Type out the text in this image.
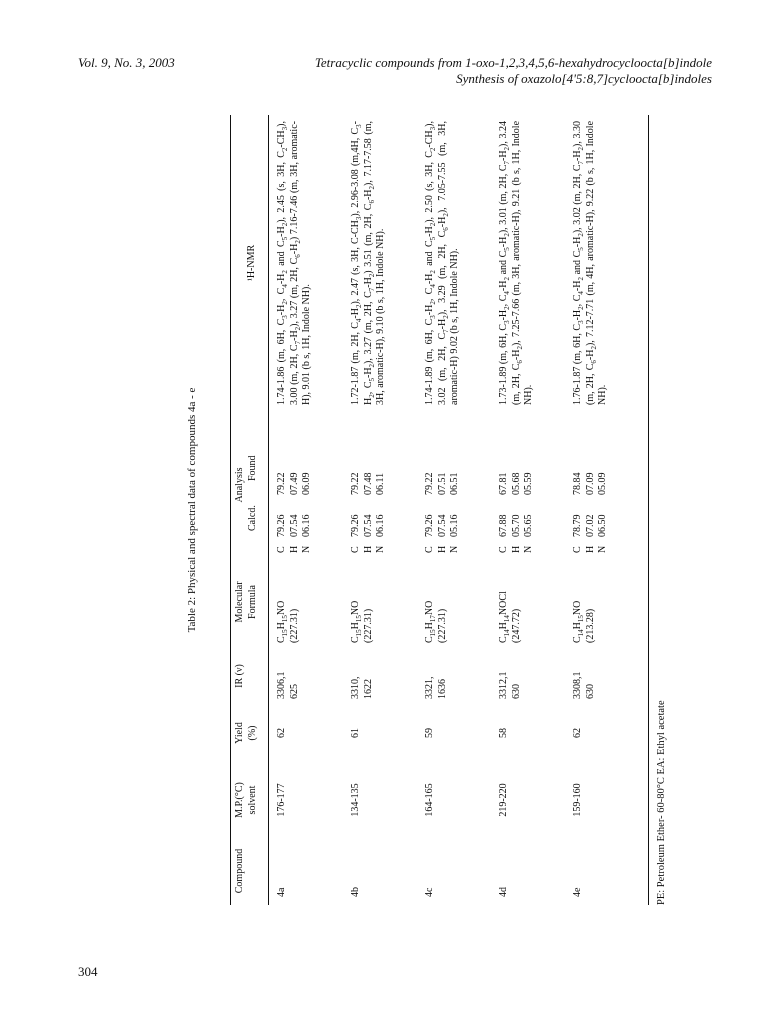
Vol. 9, No. 3, 2003	Tetracyclic compounds from 1-oxo-1,2,3,4,5,6-hexahydrocycloocta[b]indole
Synthesis of oxazolo[4'5:8,7]cycloocta[b]indoles
Table 2: Physical and spectral data of compounds 4a - e
Compound
M.P.(°C) solvent
Yield (%)
IR (ν)
Molecular Formula
Analysis
Calcd.
Found
¹H-NMR
4a
176-177
62
3306,1 625
$C_{15}H_{15}NO$
(227.31)
C
79.26
79.22
H
07.54
07.49
N
06.16
06.09
1.74-1.86 (m, 6H, $C_3-H_2$, $C_4-H_2$ and $C_5-H_2$), 2.45 (s, 3H, $C_2-CH_3$), 3.00 (m, 2H, $C_7-H_2$), 3.27 (m, 2H, $C_6-H_2$) 7.16-7.46 (m, 3H, aromatic-H), 9.01 (b s, 1H, Indole NH).
4b
134-135
61
3310, 1622
$C_{15}H_{15}NO$
(227.31)
C
79.26
79.22
H
07.54
07.48
N
06.16
06.11
1.72-1.87 (m, 2H, $C_4-H_2$), 2.47 (s, 3H, $C-CH_3$), 2.96-3.08 (m,4H, $C_3-H_2$, $C_5-H_2$), 3.27 (m, 2H, $C_7-H_2$) 3.51 (m, 2H, $C_6-H_2$), 7.17-7.58 (m, 3H, aromatic-H), 9.10 (b s, 1H, Indole NH).
4c
164-165
59
3321, 1636
$C_{15}H_{17}NO$
(227.31)
C
79.26
79.22
H
07.54
07.51
N
05.16
06.51
1.74-1.89 (m, 6H, $C_3-H_2$, $C_4-H_2$ and $C_5-H_2$), 2.50 (s, 3H, $C_2-CH_3$), 3.02 (m, 2H, $C_7-H_2$), 3.29 (m, 2H, $C_6-H_2$), 7.05-7.55 (m, 3H, aromatic-H) 9.02 (b s, 1H, Indole NH).
4d
219-220
58
3312,1 630
$C_{14}H_{14}NOCl$
(247.72)
C
67.88
67.81
H
05.70
05.68
N
05.65
05.59
1.73-1.89 (m, 6H, $C_3-H_2$, $C_4-H_2$ and $C_5-H_2$), 3.01 (m, 2H, $C_7-H_2$), 3.24 (m, 2H, $C_6-H_2$), 7.25-7.66 (m, 3H, aromatic-H), 9.21 (b s, 1H, Indole NH).
4e
159-160
62
3308,1 630
$C_{14}H_{15}NO$
(213.28)
C
78.79
78.84
H
07.02
07.09
N
06.50
05.09
1.76-1.87 (m, 6H, $C_3-H_2$, $C_4-H_2$ and $C_5-H_2$), 3.02 (m, 2H, $C_7-H_2$), 3.30 (m, 2H, $C_6-H_2$), 7.12-7.71 (m, 4H, aromatic-H), 9.22 (b s, 1H, Indole NH).
PE: Petroleum Ether- 60-80°C EA: Ethyl acetate
304
